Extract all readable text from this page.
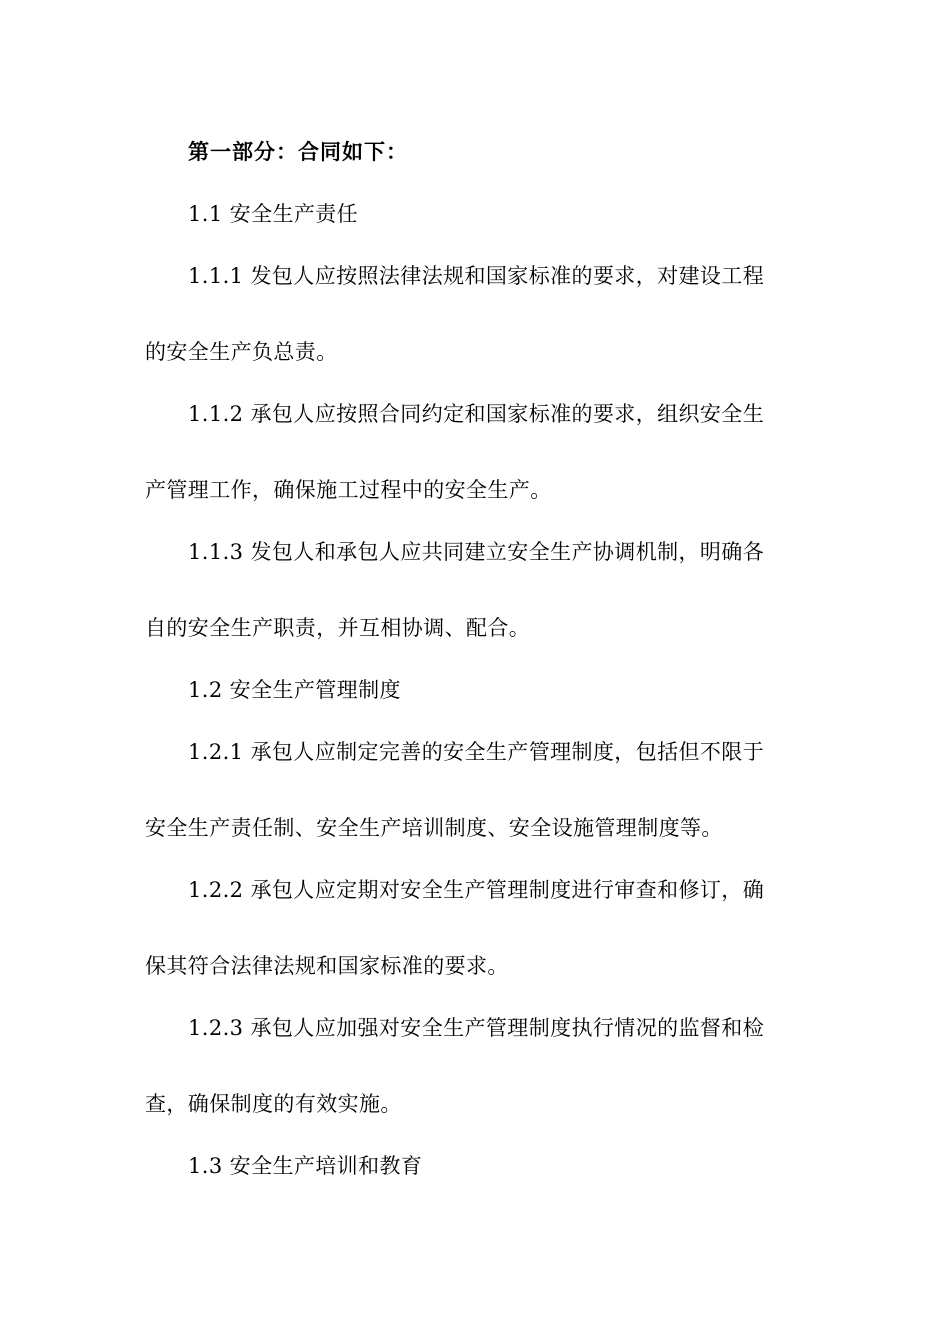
第一部分：合同如下：
1.1 安全生产责任
1.1.1 发包人应按照法律法规和国家标准的要求，对建设工程
的安全生产负总责。
1.1.2 承包人应按照合同约定和国家标准的要求，组织安全生
产管理工作，确保施工过程中的安全生产。
1.1.3 发包人和承包人应共同建立安全生产协调机制，明确各
自的安全生产职责，并互相协调、配合。
1.2 安全生产管理制度
1.2.1 承包人应制定完善的安全生产管理制度，包括但不限于
安全生产责任制、安全生产培训制度、安全设施管理制度等。
1.2.2 承包人应定期对安全生产管理制度进行审查和修订，确
保其符合法律法规和国家标准的要求。
1.2.3 承包人应加强对安全生产管理制度执行情况的监督和检
查，确保制度的有效实施。
1.3 安全生产培训和教育
